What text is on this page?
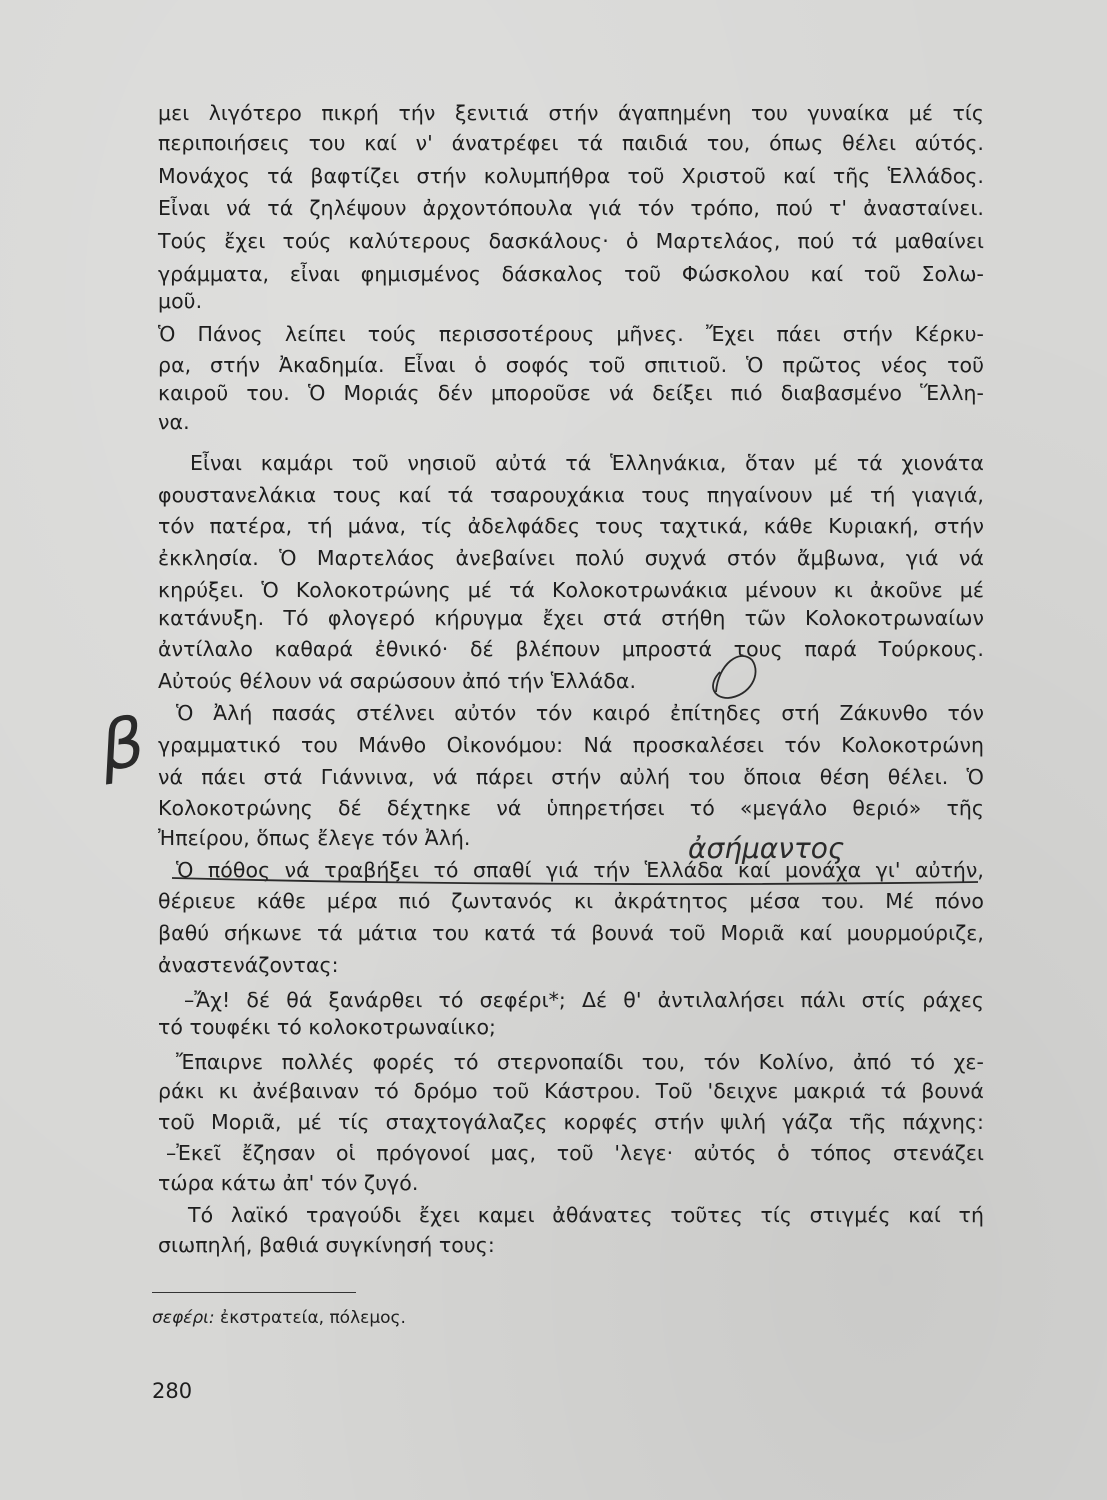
μει λιγότερο πικρή τήν ξενιτιά στήν άγαπημένη του γυναίκα μέ τίς
περιποιήσεις του καί ν' άνατρέφει τά παιδιά του, όπως θέλει αύτός.
Μονάχος τά βαφτίζει στήν κολυμπήθρα τοῦ Χριστοῦ καί τῆς Ἑλλάδος.
Εἶναι νά τά ζηλέψουν ἀρχοντόπουλα γιά τόν τρόπο, πού τ' ἀνασταίνει.
Τούς ἔχει τούς καλύτερους δασκάλους· ὁ Μαρτελάος, πού τά μαθαίνει
γράμματα, εἶναι φημισμένος δάσκαλος τοῦ Φώσκολου καί τοῦ Σολω-
μοῦ.
Ὁ Πάνος λείπει τούς περισσοτέρους μῆνες. Ἔχει πάει στήν Κέρκυ-
ρα, στήν Ἀκαδημία. Εἶναι ὁ σοφός τοῦ σπιτιοῦ. Ὁ πρῶτος νέος τοῦ
καιροῦ του. Ὁ Μοριάς δέν μποροῦσε νά δείξει πιό διαβασμένο Ἕλλη-
να.
Εἶναι καμάρι τοῦ νησιοῦ αὐτά τά Ἑλληνάκια, ὅταν μέ τά χιονάτα
φουστανελάκια τους καί τά τσαρουχάκια τους πηγαίνουν μέ τή γιαγιά,
τόν πατέρα, τή μάνα, τίς ἀδελφάδες τους ταχτικά, κάθε Κυριακή, στήν
ἐκκλησία. Ὁ Μαρτελάος ἀνεβαίνει πολύ συχνά στόν ἄμβωνα, γιά νά
κηρύξει. Ὁ Κολοκοτρώνης μέ τά Κολοκοτρωνάκια μένουν κι ἀκοῦνε μέ
κατάνυξη. Τό φλογερό κήρυγμα ἔχει στά στήθη τῶν Κολοκοτρωναίων
ἀντίλαλο καθαρά ἐθνικό· δέ βλέπουν μπροστά τους παρά Τούρκους.
Αὐτούς θέλουν νά σαρώσουν ἀπό τήν Ἑλλάδα.
Ὁ Ἀλή πασάς στέλνει αὐτόν τόν καιρό ἐπίτηδες στή Ζάκυνθο τόν
γραμματικό του Μάνθο Οἰκονόμου: Νά προσκαλέσει τόν Κολοκοτρώνη
νά πάει στά Γιάννινα, νά πάρει στήν αὐλή του ὅποια θέση θέλει. Ὁ
Κολοκοτρώνης δέ δέχτηκε νά ὑπηρετήσει τό «μεγάλο θεριό» τῆς
Ἠπείρου, ὅπως ἔλεγε τόν Ἀλή.
Ὁ πόθος νά τραβήξει τό σπαθί γιά τήν Ἑλλάδα καί μονάχα γι' αὐτήν,
θέριευε κάθε μέρα πιό ζωντανός κι ἀκράτητος μέσα του. Μέ πόνο
βαθύ σήκωνε τά μάτια του κατά τά βουνά τοῦ Μοριᾶ καί μουρμούριζε,
ἀναστενάζοντας:
–Ἄχ! δέ θά ξανάρθει τό σεφέρι*; Δέ θ' ἀντιλαλήσει πάλι στίς ράχες
τό τουφέκι τό κολοκοτρωναίικο;
Ἔπαιρνε πολλές φορές τό στερνοπαίδι του, τόν Κολίνο, ἀπό τό χε-
ράκι κι ἀνέβαιναν τό δρόμο τοῦ Κάστρου. Τοῦ 'δειχνε μακριά τά βουνά
τοῦ Μοριᾶ, μέ τίς σταχτογάλαζες κορφές στήν ψιλή γάζα τῆς πάχνης:
–Ἐκεῖ ἔζησαν οἱ πρόγονοί μας, τοῦ 'λεγε· αὐτός ὁ τόπος στενάζει
τώρα κάτω ἀπ' τόν ζυγό.
Τό λαϊκό τραγούδι ἔχει καμει ἀθάνατες τοῦτες τίς στιγμές καί τή
σιωπηλή, βαθιά συγκίνησή τους:
σεφέρι: ἐκστρατεία, πόλεμος.
280
β
ἀσήμαντος
